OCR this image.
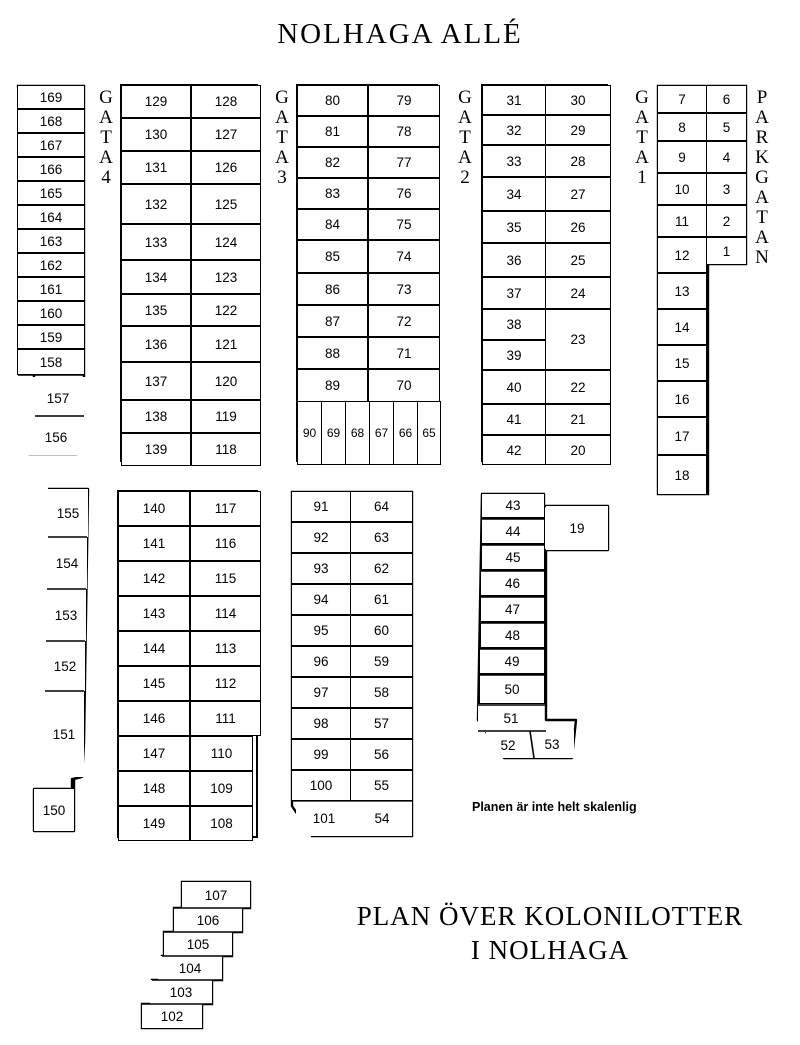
NOLHAGA ALLÉ
PLAN ÖVER KOLONILOTTER
I NOLHAGA
Planen är inte helt skalenlig
G
A
T
A
4
G
A
T
A
3
G
A
T
A
2
G
A
T
A
1
P
A
R
K
G
A
T
A
N
169
168
167
166
165
164
163
162
161
160
159
158
157
156
155
154
153
152
151
150
129
130
131
132
133
134
135
136
137
138
139
128
127
126
125
124
123
122
121
120
119
118
140
141
142
143
144
145
146
147
148
149
117
116
115
114
113
112
111
110
109
108
80
81
82
83
84
85
86
87
88
89
79
78
77
76
75
74
73
72
71
70
9 0 6 9 6 8 6 7 6 6 6 5
91
92
93
94
95
96
97
98
99
100
101
64
63
62
61
60
59
58
57
56
55
54
31
32
33
34
35
36
37
38
39
40
41
42
30
29
28
27
26
25
24
23
22
21
20
43
44
45
46
47
48
49
50
51
52	53
19
7
8
9
10
11
12
13
14
15
16
17
18
6
5
4
3
2
1
107
106
105
104
103
102
